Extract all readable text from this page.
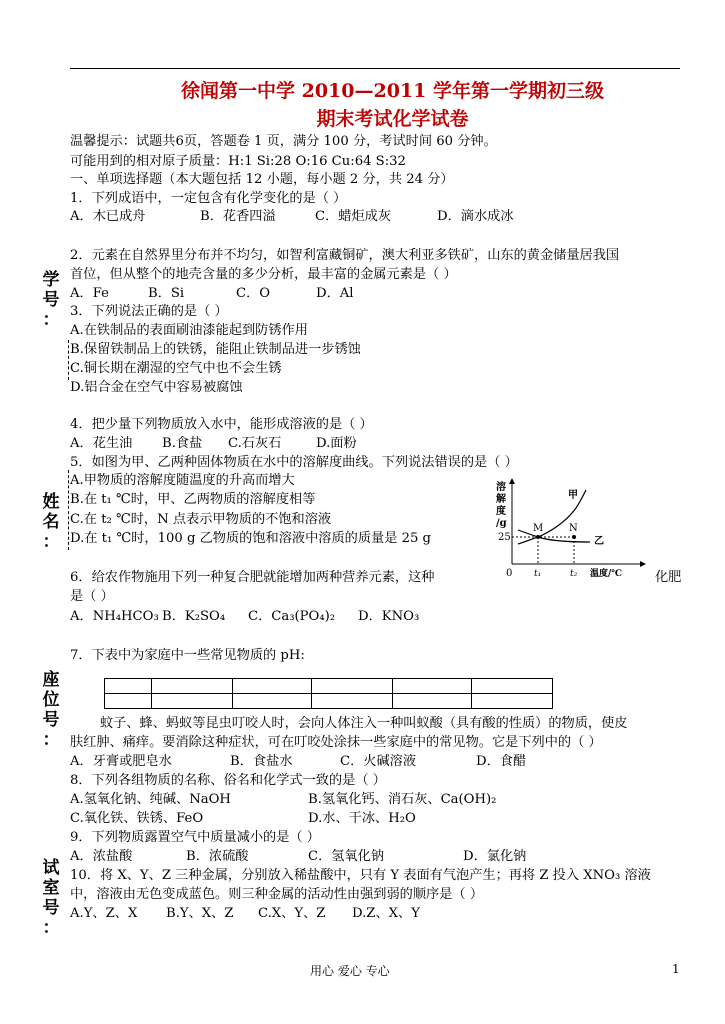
徐闻第一中学 2010—2011 学年第一学期初三级
期末考试化学试卷
温馨提示：试题共6页，答题卷 1 页，满分 100 分，考试时间 60 分钟。
可能用到的相对原子质量：H:1 Si:28 O:16 Cu:64 S:32
一、单项选择题（本大题包括 12 小题，每小题 2 分，共 24 分）
1．下列成语中，一定包含有化学变化的是（ ）
A．木已成舟	B．花香四溢	C．蜡炬成灰	D．滴水成冰
2．元素在自然界里分布并不均匀，如智利富藏铜矿，澳大利亚多铁矿，山东的黄金储量居我国
首位，但从整个的地壳含量的多少分析，最丰富的金属元素是（ ）
A．Fe	B．Si	C．O	D．Al
3．下列说法正确的是（ ）
A.在铁制品的表面刷油漆能起到防锈作用
B.保留铁制品上的铁锈，能阻止铁制品进一步锈蚀
C.铜长期在潮湿的空气中也不会生锈
D.铝合金在空气中容易被腐蚀
4．把少量下列物质放入水中，能形成溶液的是（ ）
A．花生油 B.食盐 C.石灰石	D.面粉
5．如图为甲、乙两种固体物质在水中的溶解度曲线。下列说法错误的是（ ）
A.甲物质的溶解度随温度的升高而增大
B.在 t₁ ℃时，甲、乙两物质的溶解度相等
C.在 t₂ ℃时，N 点表示甲物质的不饱和溶液
D.在 t₁ ℃时，100 g 乙物质的饱和溶液中溶质的质量是 25 g
溶
解
度
/g
25
0
M	N
甲
乙
t₁	t₂ 温度/℃
6．给农作物施用下列一种复合肥就能增加两种营养元素，这种	化肥
是（ ）
A．NH₄HCO₃ B．K₂SO₄ C．Ca₃(PO₄)₂ D．KNO₃
7．下表中为家庭中一些常见物质的 pH:

蚊子、蜂、蚂蚁等昆虫叮咬人时，会向人体注入一种叫蚁酸（具有酸的性质）的物质，使皮
肤红肿、痛痒。要消除这种症状，可在叮咬处涂抹一些家庭中的常见物。它是下列中的（ ）
A．牙膏或肥皂水	B．食盐水	C．火碱溶液	D．食醋
8．下列各组物质的名称、俗名和化学式一致的是（ ）
A.氢氧化钠、纯碱、NaOH	B.氢氧化钙、消石灰、Ca(OH)₂
C.氧化铁、铁锈、FeO	D.水、干冰、H₂O
9．下列物质露置空气中质量减小的是（ ）
A．浓盐酸	B．浓硫酸	C．氢氧化钠	D．氯化钠
10．将 X、Y、Z 三种金属，分别放入稀盐酸中，只有 Y 表面有气泡产生；再将 Z 投入 XNO₃ 溶液
中，溶液由无色变成蓝色。则三种金属的活动性由强到弱的顺序是（ ）
A.Y、Z、X B.Y、X、Z C.X、Y、Z D.Z、X、Y
学
号
：
姓
名
：
座
位
号
：
试
室
号
：
用心 爱心 专心	1
